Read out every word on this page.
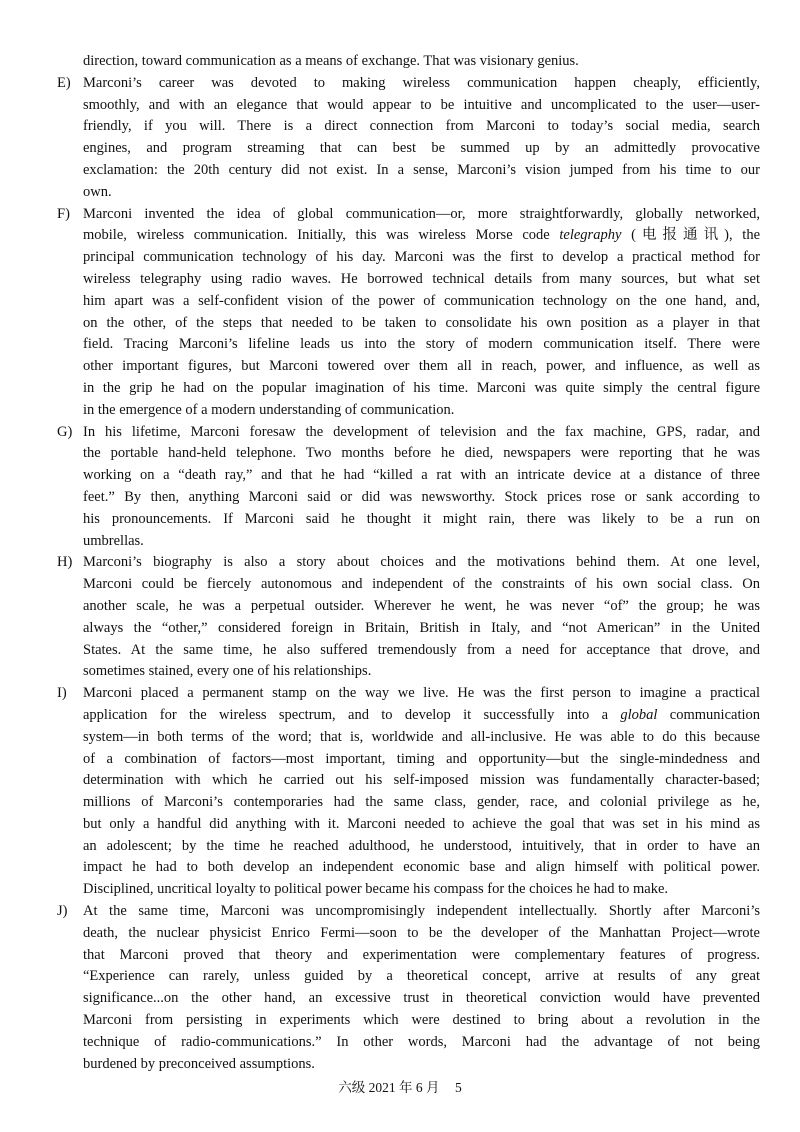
direction, toward communication as a means of exchange. That was visionary genius.
E) Marconi’s career was devoted to making wireless communication happen cheaply, efficiently,
smoothly, and with an elegance that would appear to be intuitive and uncomplicated to the user—user-
friendly, if you will. There is a direct connection from Marconi to today’s social media, search
engines, and program streaming that can best be summed up by an admittedly provocative
exclamation: the 20th century did not exist. In a sense, Marconi’s vision jumped from his time to our
own.
F) Marconi invented the idea of global communication—or, more straightforwardly, globally networked,
mobile, wireless communication. Initially, this was wireless Morse code telegraphy (电报通讯), the
principal communication technology of his day. Marconi was the first to develop a practical method for
wireless telegraphy using radio waves. He borrowed technical details from many sources, but what set
him apart was a self-confident vision of the power of communication technology on the one hand, and,
on the other, of the steps that needed to be taken to consolidate his own position as a player in that
field. Tracing Marconi’s lifeline leads us into the story of modern communication itself. There were
other important figures, but Marconi towered over them all in reach, power, and influence, as well as
in the grip he had on the popular imagination of his time. Marconi was quite simply the central figure
in the emergence of a modern understanding of communication.
G) In his lifetime, Marconi foresaw the development of television and the fax machine, GPS, radar, and
the portable hand-held telephone. Two months before he died, newspapers were reporting that he was
working on a “death ray,” and that he had “killed a rat with an intricate device at a distance of three
feet.” By then, anything Marconi said or did was newsworthy. Stock prices rose or sank according to
his pronouncements. If Marconi said he thought it might rain, there was likely to be a run on
umbrellas.
H) Marconi’s biography is also a story about choices and the motivations behind them. At one level,
Marconi could be fiercely autonomous and independent of the constraints of his own social class. On
another scale, he was a perpetual outsider. Wherever he went, he was never “of” the group; he was
always the “other,” considered foreign in Britain, British in Italy, and “not American” in the United
States. At the same time, he also suffered tremendously from a need for acceptance that drove, and
sometimes stained, every one of his relationships.
I) Marconi placed a permanent stamp on the way we live. He was the first person to imagine a practical
application for the wireless spectrum, and to develop it successfully into a global communication
system—in both terms of the word; that is, worldwide and all-inclusive. He was able to do this because
of a combination of factors—most important, timing and opportunity—but the single-mindedness and
determination with which he carried out his self-imposed mission was fundamentally character-based;
millions of Marconi’s contemporaries had the same class, gender, race, and colonial privilege as he,
but only a handful did anything with it. Marconi needed to achieve the goal that was set in his mind as
an adolescent; by the time he reached adulthood, he understood, intuitively, that in order to have an
impact he had to both develop an independent economic base and align himself with political power.
Disciplined, uncritical loyalty to political power became his compass for the choices he had to make.
J) At the same time, Marconi was uncompromisingly independent intellectually. Shortly after Marconi’s
death, the nuclear physicist Enrico Fermi—soon to be the developer of the Manhattan Project—wrote
that Marconi proved that theory and experimentation were complementary features of progress.
“Experience can rarely, unless guided by a theoretical concept, arrive at results of any great
significance...on the other hand, an excessive trust in theoretical conviction would have prevented
Marconi from persisting in experiments which were destined to bring about a revolution in the
technique of radio-communications.” In other words, Marconi had the advantage of not being
burdened by preconceived assumptions.
六级 2021 年 6 月 5
